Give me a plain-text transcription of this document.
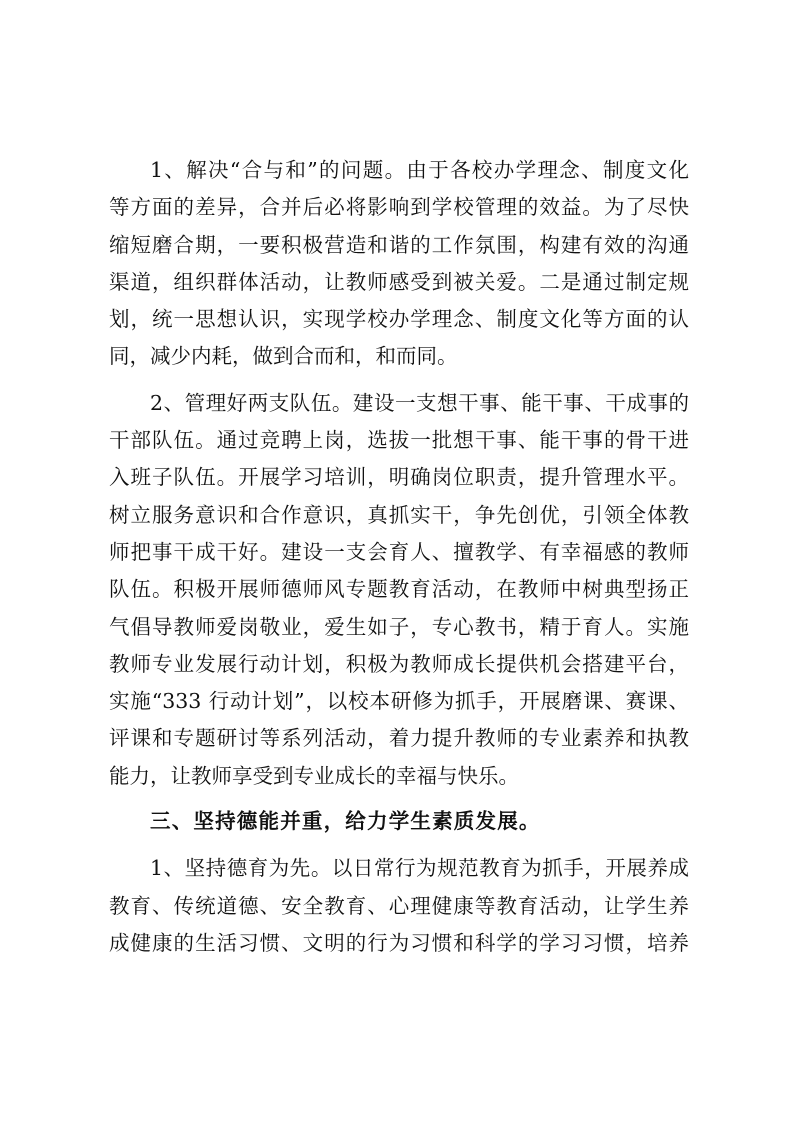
1、解决“合与和”的问题。由于各校办学理念、制度文化
等方面的差异，合并后必将影响到学校管理的效益。为了尽快
缩短磨合期，一要积极营造和谐的工作氛围，构建有效的沟通
渠道，组织群体活动，让教师感受到被关爱。二是通过制定规
划，统一思想认识，实现学校办学理念、制度文化等方面的认
同，减少内耗，做到合而和，和而同。
2、管理好两支队伍。建设一支想干事、能干事、干成事的
干部队伍。通过竞聘上岗，选拔一批想干事、能干事的骨干进
入班子队伍。开展学习培训，明确岗位职责，提升管理水平。
树立服务意识和合作意识，真抓实干，争先创优，引领全体教
师把事干成干好。建设一支会育人、擅教学、有幸福感的教师
队伍。积极开展师德师风专题教育活动，在教师中树典型扬正
气倡导教师爱岗敬业，爱生如子，专心教书，精于育人。实施
教师专业发展行动计划，积极为教师成长提供机会搭建平台，
实施“333 行动计划”，以校本研修为抓手，开展磨课、赛课、
评课和专题研讨等系列活动，着力提升教师的专业素养和执教
能力，让教师享受到专业成长的幸福与快乐。
三、坚持德能并重，给力学生素质发展。
1、坚持德育为先。以日常行为规范教育为抓手，开展养成
教育、传统道德、安全教育、心理健康等教育活动，让学生养
成健康的生活习惯、文明的行为习惯和科学的学习习惯，培养
